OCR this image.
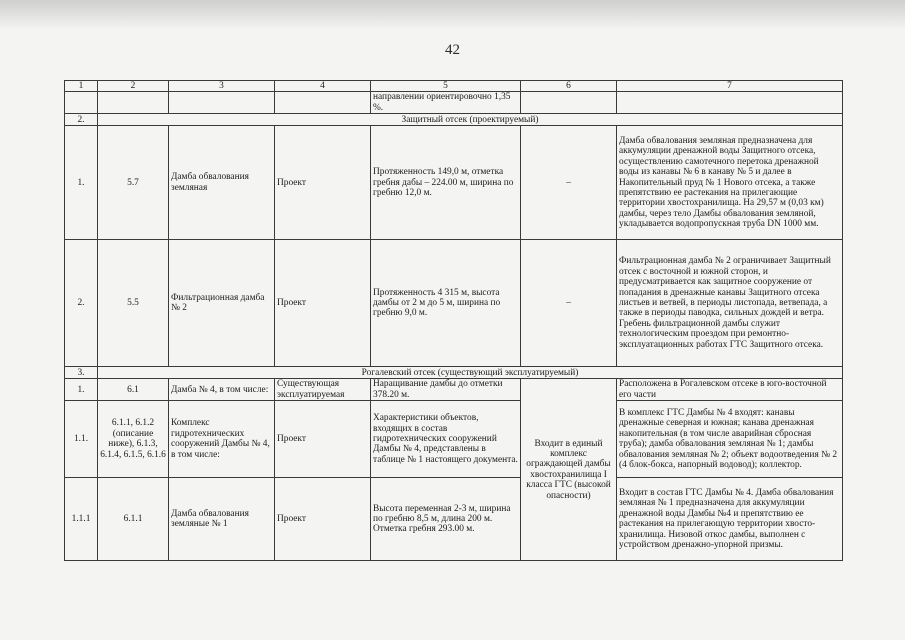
42
1	2	3	4	5	6	7
				направлении ориентировочно 1,35 %.		
2.	Защитный отсек (проектируемый)					
1.	5.7	Дамба обвалования земляная	Проект	Протяженность 149,0 м, отметка гребня дабы – 224.00 м, ширина по гребню 12,0 м.	–	Дамба обвалования земляная предназначена для аккумуляции дренажной воды Защитного отсека, осуществлению самотечного перетока дренажной воды из канавы № 6 в канаву № 5 и далее в Накопительный пруд № 1 Нового отсека, а также препятствию ее растекания на прилегающие территории хвостохранилища. На 29,57 м (0,03 км) дамбы, через тело Дамбы обвалования земляной, укладывается водопропускная труба DN 1000 мм.
2.	5.5	Фильтрационная дамба № 2	Проект	Протяженность 4 315 м, высота дамбы от 2 м до 5 м, ширина по гребню 9,0 м.	–	Фильтрационная дамба № 2 ограничивает Защитный отсек с восточной и южной сторон, и предусматривается как защитное сооружение от попадания в дренажные канавы Защитного отсека листьев и ветвей, в периоды листопада, ветвепада, а также в периоды паводка, сильных дождей и ветра. Гребень фильтрационной дамбы служит технологическим проездом при ремонтно-эксплуатационных работах ГТС Защитного отсека.
3.	Рогалевский отсек (существующий эксплуатируемый)					
1.	6.1	Дамба № 4, в том числе:	Существующая эксплуатируемая	Наращивание дамбы до отметки 378.20 м.	Входит в единый комплекс ограждающей дамбы хвостохранилища I класса ГТС (высокой опасности)	Расположена в Рогалевском отсеке в юго-восточной его части
1.1.	6.1.1, 6.1.2 (описание ниже), 6.1.3, 6.1.4, 6.1.5, 6.1.6	Комплекс гидротехнических сооружений Дамбы № 4, в том числе:	Проект	Характеристики объектов, входящих в состав гидротехнических сооружений Дамбы № 4, представлены в таблице № 1 настоящего документа.		В комплекс ГТС Дамбы № 4 входят: канавы дренажные северная и южная; канава дренажная накопительная (в том числе аварийная сбросная труба); дамба обвалования земляная № 1; дамбы обвалования земляная № 2; объект водоотведения № 2 (4 блок-бокса, напорный водовод); коллектор.
1.1.1	6.1.1	Дамба обвалования земляные № 1	Проект	Высота переменная 2-3 м, ширина по гребню 8,5 м, длина 200 м. Отметка гребня 293.00 м.		Входит в состав ГТС Дамбы № 4. Дамба обвалования земляная № 1 предназначена для аккумуляции дренажной воды Дамбы №4 и препятствию ее растекания на прилегающую территории хвосто-хранилища. Низовой откос дамбы, выполнен с устройством дренажно-упорной призмы.
